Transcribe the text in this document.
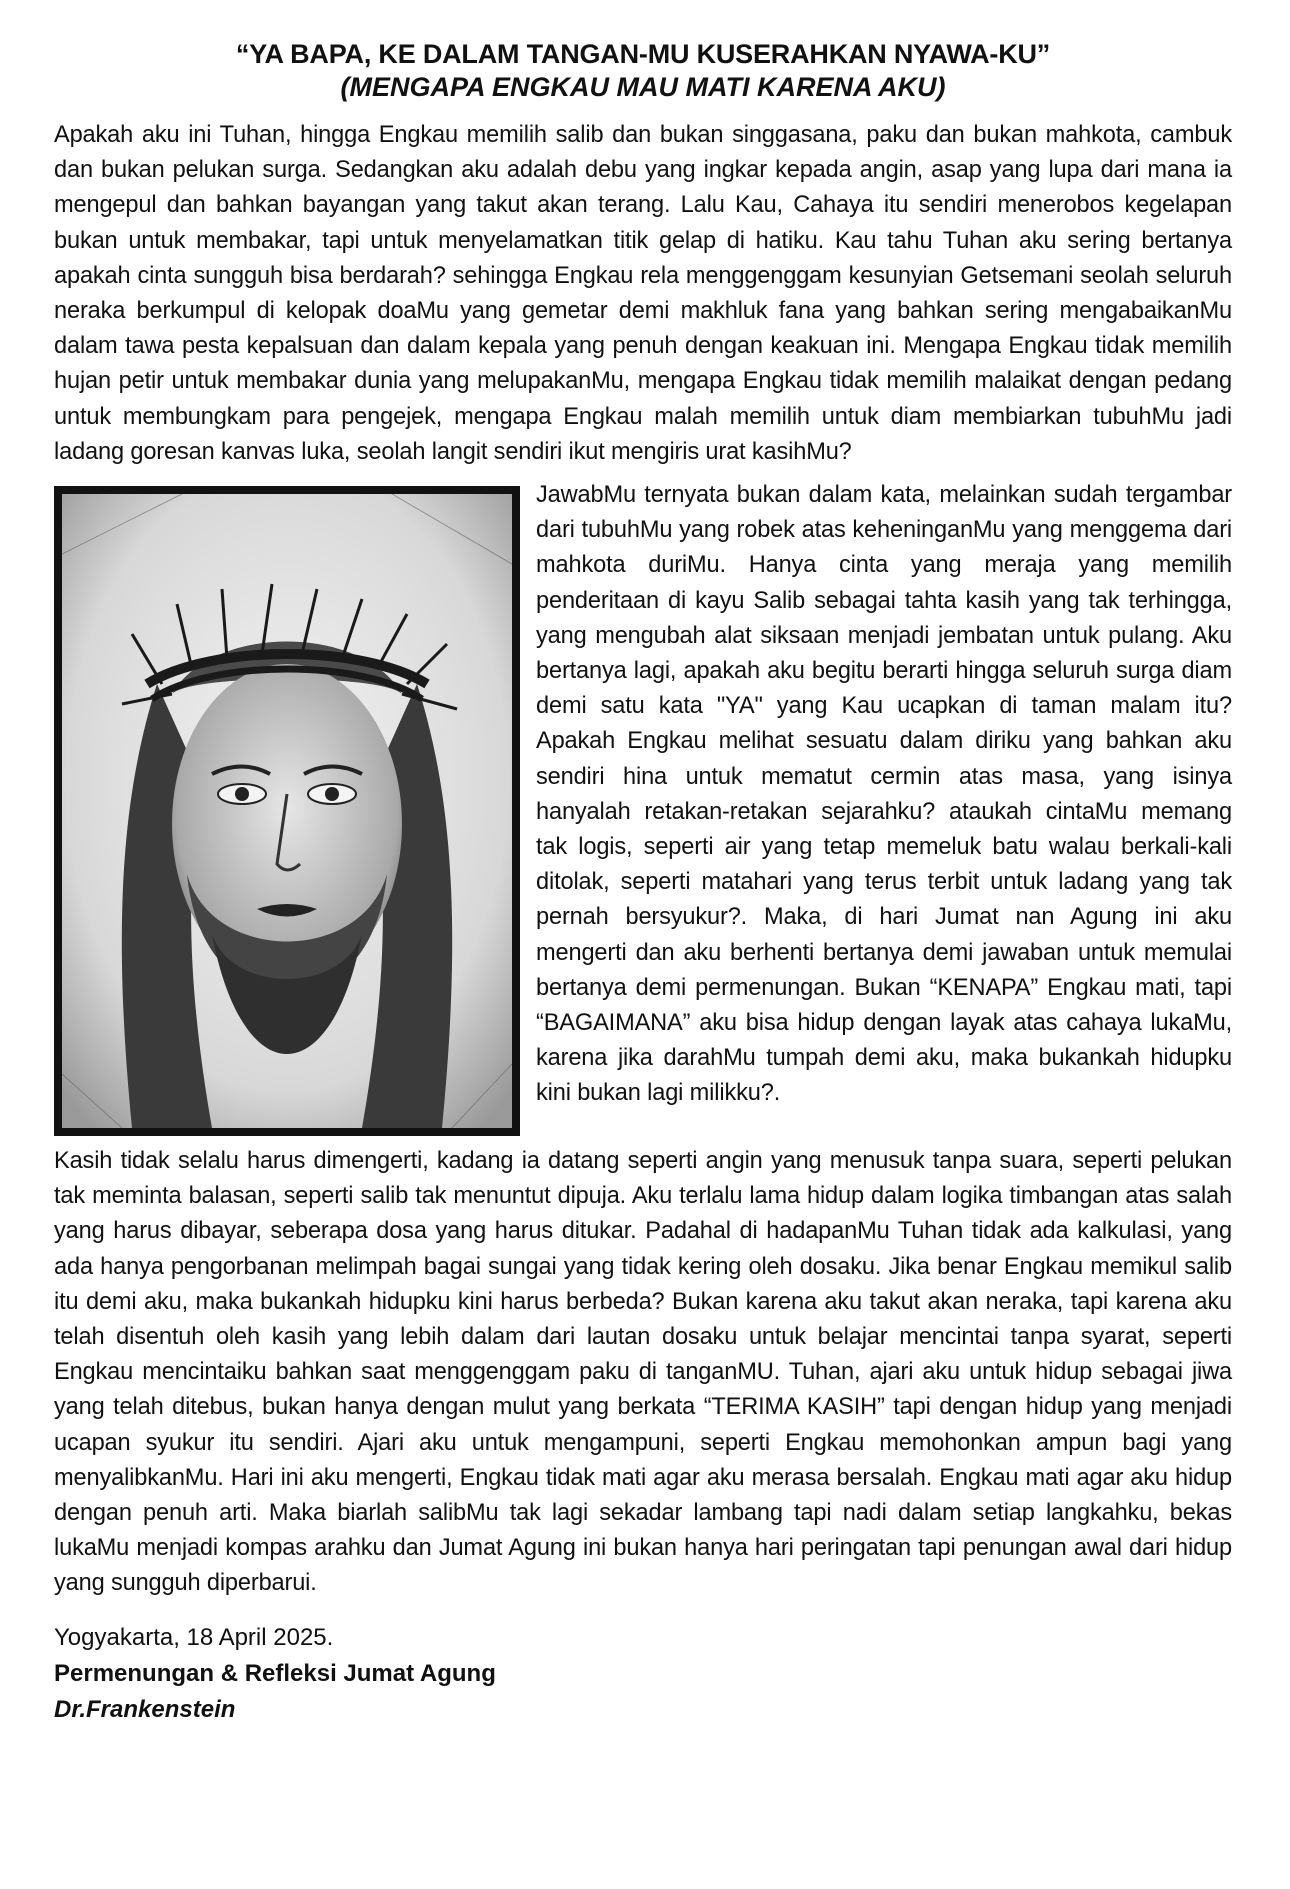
“YA BAPA, KE DALAM TANGAN-MU KUSERAHKAN NYAWA-KU”
(MENGAPA ENGKAU MAU MATI KARENA AKU)

Apakah aku ini Tuhan, hingga Engkau memilih salib dan bukan singgasana, paku dan bukan mahkota, cambuk dan bukan pelukan surga. Sedangkan aku adalah debu yang ingkar kepada angin, asap yang lupa dari mana ia mengepul dan bahkan bayangan yang takut akan terang. Lalu Kau, Cahaya itu sendiri menerobos kegelapan bukan untuk membakar, tapi untuk menyelamatkan titik gelap di hatiku. Kau tahu Tuhan aku sering bertanya apakah cinta sungguh bisa berdarah? sehingga Engkau rela menggenggam kesunyian Getsemani seolah seluruh neraka berkumpul di kelopak doaMu yang gemetar demi makhluk fana yang bahkan sering mengabaikanMu dalam tawa pesta kepalsuan dan dalam kepala yang penuh dengan keakuan ini. Mengapa Engkau tidak memilih hujan petir untuk membakar dunia yang melupakanMu, mengapa Engkau tidak memilih malaikat dengan pedang untuk membungkam para pengejek, mengapa Engkau malah memilih untuk diam membiarkan tubuhMu jadi ladang goresan kanvas luka, seolah langit sendiri ikut mengiris urat kasihMu?

JawabMu ternyata bukan dalam kata, melainkan sudah tergambar dari tubuhMu yang robek atas keheninganMu yang menggema dari mahkota duriMu. Hanya cinta yang meraja yang memilih penderitaan di kayu Salib sebagai tahta kasih yang tak terhingga, yang mengubah alat siksaan menjadi jembatan untuk pulang. Aku bertanya lagi, apakah aku begitu berarti hingga seluruh surga diam demi satu kata "YA" yang Kau ucapkan di taman malam itu? Apakah Engkau melihat sesuatu dalam diriku yang bahkan aku sendiri hina untuk mematut cermin atas masa, yang isinya hanyalah retakan-retakan sejarahku? ataukah cintaMu memang tak logis, seperti air yang tetap memeluk batu walau berkali-kali ditolak, seperti matahari yang terus terbit untuk ladang yang tak pernah bersyukur?. Maka, di hari Jumat nan Agung ini aku mengerti dan aku berhenti bertanya demi jawaban untuk memulai bertanya demi permenungan. Bukan “KENAPA” Engkau mati, tapi “BAGAIMANA” aku bisa hidup dengan layak atas cahaya lukaMu, karena jika darahMu tumpah demi aku, maka bukankah hidupku kini bukan lagi milikku?.

Kasih tidak selalu harus dimengerti, kadang ia datang seperti angin yang menusuk tanpa suara, seperti pelukan tak meminta balasan, seperti salib tak menuntut dipuja. Aku terlalu lama hidup dalam logika timbangan atas salah yang harus dibayar, seberapa dosa yang harus ditukar. Padahal di hadapanMu Tuhan tidak ada kalkulasi, yang ada hanya pengorbanan melimpah bagai sungai yang tidak kering oleh dosaku. Jika benar Engkau memikul salib itu demi aku, maka bukankah hidupku kini harus berbeda? Bukan karena aku takut akan neraka, tapi karena aku telah disentuh oleh kasih yang lebih dalam dari lautan dosaku untuk belajar mencintai tanpa syarat, seperti Engkau mencintaiku bahkan saat menggenggam paku di tanganMU. Tuhan, ajari aku untuk hidup sebagai jiwa yang telah ditebus, bukan hanya dengan mulut yang berkata “TERIMA KASIH” tapi dengan hidup yang menjadi ucapan syukur itu sendiri. Ajari aku untuk mengampuni, seperti Engkau memohonkan ampun bagi yang menyalibkanMu. Hari ini aku mengerti, Engkau tidak mati agar aku merasa bersalah. Engkau mati agar aku hidup dengan penuh arti. Maka biarlah salibMu tak lagi sekadar lambang tapi nadi dalam setiap langkahku, bekas lukaMu menjadi kompas arahku dan Jumat Agung ini bukan hanya hari peringatan tapi penungan awal dari hidup yang sungguh diperbarui.

Yogyakarta, 18 April 2025.
Permenungan & Refleksi Jumat Agung
Dr.Frankenstein
